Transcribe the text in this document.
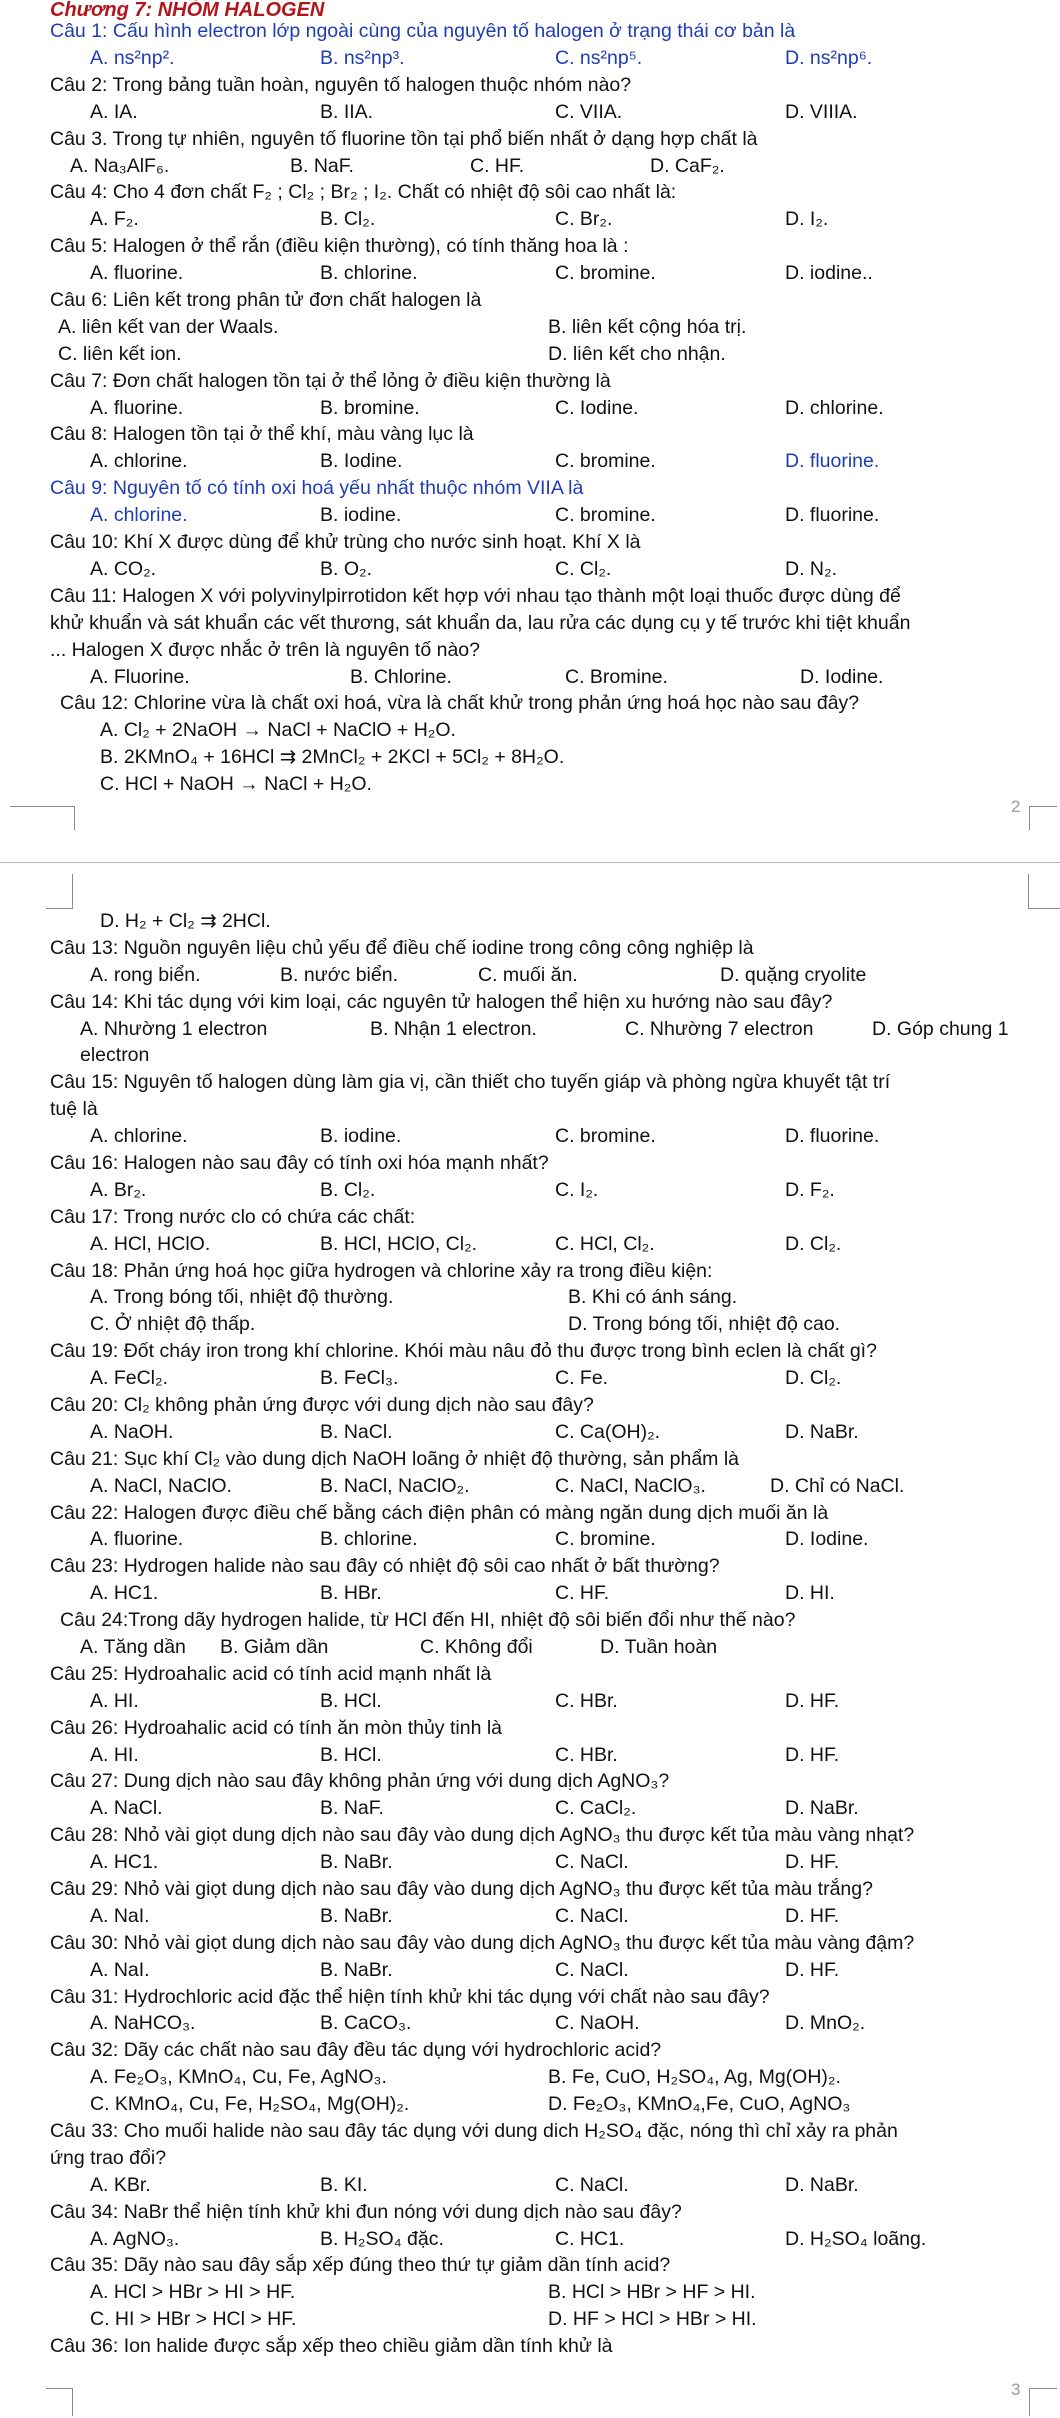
Chương 7: NHÓM HALOGEN
2
3
Câu 1: Cấu hình electron lớp ngoài cùng của nguyên tố halogen ở trạng thái cơ bản là
A. ns²np².	B. ns²np³.	C. ns²np⁵.	D. ns²np⁶.
Câu 2: Trong bảng tuần hoàn, nguyên tố halogen thuộc nhóm nào?
A. IA.	B. IIA.	C. VIIA.	D. VIIIA.
Câu 3. Trong tự nhiên, nguyên tố fluorine tồn tại phổ biến nhất ở dạng hợp chất là
A. Na₃AlF₆.	B. NaF.	C. HF.	D. CaF₂.
Câu 4: Cho 4 đơn chất F₂ ; Cl₂ ; Br₂ ; I₂. Chất có nhiệt độ sôi cao nhất là:
A. F₂.	B. Cl₂.	C. Br₂.	D. I₂.
Câu 5: Halogen ở thể rắn (điều kiện thường), có tính thăng hoa là :
A. fluorine.	B. chlorine.	C. bromine.	D. iodine..
Câu 6: Liên kết trong phân tử đơn chất halogen là
A. liên kết van der Waals.	B. liên kết cộng hóa trị.
C. liên kết ion.	D. liên kết cho nhận.
Câu 7: Đơn chất halogen tồn tại ở thể lỏng ở điều kiện thường là
A. fluorine.	B. bromine.	C. Iodine.	D. chlorine.
Câu 8: Halogen tồn tại ở thể khí, màu vàng lục là
A. chlorine.	B. Iodine.	C. bromine.	D. fluorine.
Câu 9: Nguyên tố có tính oxi hoá yếu nhất thuộc nhóm VIIA là
A. chlorine.	B. iodine.	C. bromine.	D. fluorine.
Câu 10: Khí X được dùng để khử trùng cho nước sinh hoạt. Khí X là
A. CO₂.	B. O₂.	C. Cl₂.	D. N₂.
Câu 11: Halogen X với polyvinylpirrotidon kết hợp với nhau tạo thành một loại thuốc được dùng để
khử khuẩn và sát khuẩn các vết thương, sát khuẩn da, lau rửa các dụng cụ y tế trước khi tiệt khuẩn
... Halogen X được nhắc ở trên là nguyên tố nào?
A. Fluorine.	B. Chlorine.	C. Bromine.	D. Iodine.
Câu 12: Chlorine vừa là chất oxi hoá, vừa là chất khử trong phản ứng hoá học nào sau đây?
A. Cl₂ + 2NaOH → NaCl + NaClO + H₂O.
B. 2KMnO₄ + 16HCl ⇉ 2MnCl₂ + 2KCl + 5Cl₂ + 8H₂O.
C. HCl + NaOH → NaCl + H₂O.
D. H₂ + Cl₂ ⇉ 2HCl.
Câu 13: Nguồn nguyên liệu chủ yếu để điều chế iodine trong công công nghiệp là
A. rong biển.	B. nước biển.	C. muối ăn.	D. quặng cryolite
Câu 14: Khi tác dụng với kim loại, các nguyên tử halogen thể hiện xu hướng nào sau đây?
A. Nhường 1 electron	B. Nhận 1 electron.	C. Nhường 7 electron	D. Góp chung 1
electron
Câu 15: Nguyên tố halogen dùng làm gia vị, cần thiết cho tuyến giáp và phòng ngừa khuyết tật trí
tuệ là
A. chlorine.	B. iodine.	C. bromine.	D. fluorine.
Câu 16: Halogen nào sau đây có tính oxi hóa mạnh nhất?
A. Br₂.	B. Cl₂.	C. I₂.	D. F₂.
Câu 17: Trong nước clo có chứa các chất:
A. HCl, HClO.	B. HCl, HClO, Cl₂.	C. HCl, Cl₂.	D. Cl₂.
Câu 18: Phản ứng hoá học giữa hydrogen và chlorine xảy ra trong điều kiện:
A. Trong bóng tối, nhiệt độ thường.	B. Khi có ánh sáng.
C. Ở nhiệt độ thấp.	D. Trong bóng tối, nhiệt độ cao.
Câu 19: Đốt cháy iron trong khí chlorine. Khói màu nâu đỏ thu được trong bình eclen là chất gì?
A. FeCl₂.	B. FeCl₃.	C. Fe.	D. Cl₂.
Câu 20: Cl₂ không phản ứng được với dung dịch nào sau đây?
A. NaOH.	B. NaCl.	C. Ca(OH)₂.	D. NaBr.
Câu 21: Sục khí Cl₂ vào dung dịch NaOH loãng ở nhiệt độ thường, sản phẩm là
A. NaCl, NaClO.	B. NaCl, NaClO₂.	C. NaCl, NaClO₃.	D. Chỉ có NaCl.
Câu 22: Halogen được điều chế bằng cách điện phân có màng ngăn dung dịch muối ăn là
A. fluorine.	B. chlorine.	C. bromine.	D. Iodine.
Câu 23: Hydrogen halide nào sau đây có nhiệt độ sôi cao nhất ở bất thường?
A. HC1.	B. HBr.	C. HF.	D. HI.
Câu 24:Trong dãy hydrogen halide, từ HCl đến HI, nhiệt độ sôi biến đổi như thế nào?
A. Tăng dần B. Giảm dần	C. Không đổi	D. Tuần hoàn
Câu 25: Hydroahalic acid có tính acid mạnh nhất là
A. HI.	B. HCl.	C. HBr.	D. HF.
Câu 26: Hydroahalic acid có tính ăn mòn thủy tinh là
A. HI.	B. HCl.	C. HBr.	D. HF.
Câu 27: Dung dịch nào sau đây không phản ứng với dung dịch AgNO₃?
A. NaCl.	B. NaF.	C. CaCl₂.	D. NaBr.
Câu 28: Nhỏ vài giọt dung dịch nào sau đây vào dung dịch AgNO₃ thu được kết tủa màu vàng nhạt?
A. HC1.	B. NaBr.	C. NaCl.	D. HF.
Câu 29: Nhỏ vài giọt dung dịch nào sau đây vào dung dịch AgNO₃ thu được kết tủa màu trắng?
A. NaI.	B. NaBr.	C. NaCl.	D. HF.
Câu 30: Nhỏ vài giọt dung dịch nào sau đây vào dung dịch AgNO₃ thu được kết tủa màu vàng đậm?
A. NaI.	B. NaBr.	C. NaCl.	D. HF.
Câu 31: Hydrochloric acid đặc thể hiện tính khử khi tác dụng với chất nào sau đây?
A. NaHCO₃.	B. CaCO₃.	C. NaOH.	D. MnO₂.
Câu 32: Dãy các chất nào sau đây đều tác dụng với hydrochloric acid?
A. Fe₂O₃, KMnO₄, Cu, Fe, AgNO₃.	B. Fe, CuO, H₂SO₄, Ag, Mg(OH)₂.
C. KMnO₄, Cu, Fe, H₂SO₄, Mg(OH)₂.	D. Fe₂O₃, KMnO₄,Fe, CuO, AgNO₃
Câu 33: Cho muối halide nào sau đây tác dụng với dung dich H₂SO₄ đặc, nóng thì chỉ xảy ra phản
ứng trao đổi?
A. KBr.	B. KI.	C. NaCl.	D. NaBr.
Câu 34: NaBr thể hiện tính khử khi đun nóng với dung dịch nào sau đây?
A. AgNO₃.	B. H₂SO₄ đặc.	C. HC1.	D. H₂SO₄ loãng.
Câu 35: Dãy nào sau đây sắp xếp đúng theo thứ tự giảm dần tính acid?
A. HCl > HBr > HI > HF.	B. HCl > HBr > HF > HI.
C. HI > HBr > HCl > HF.	D. HF > HCl > HBr > HI.
Câu 36: Ion halide được sắp xếp theo chiều giảm dần tính khử là
